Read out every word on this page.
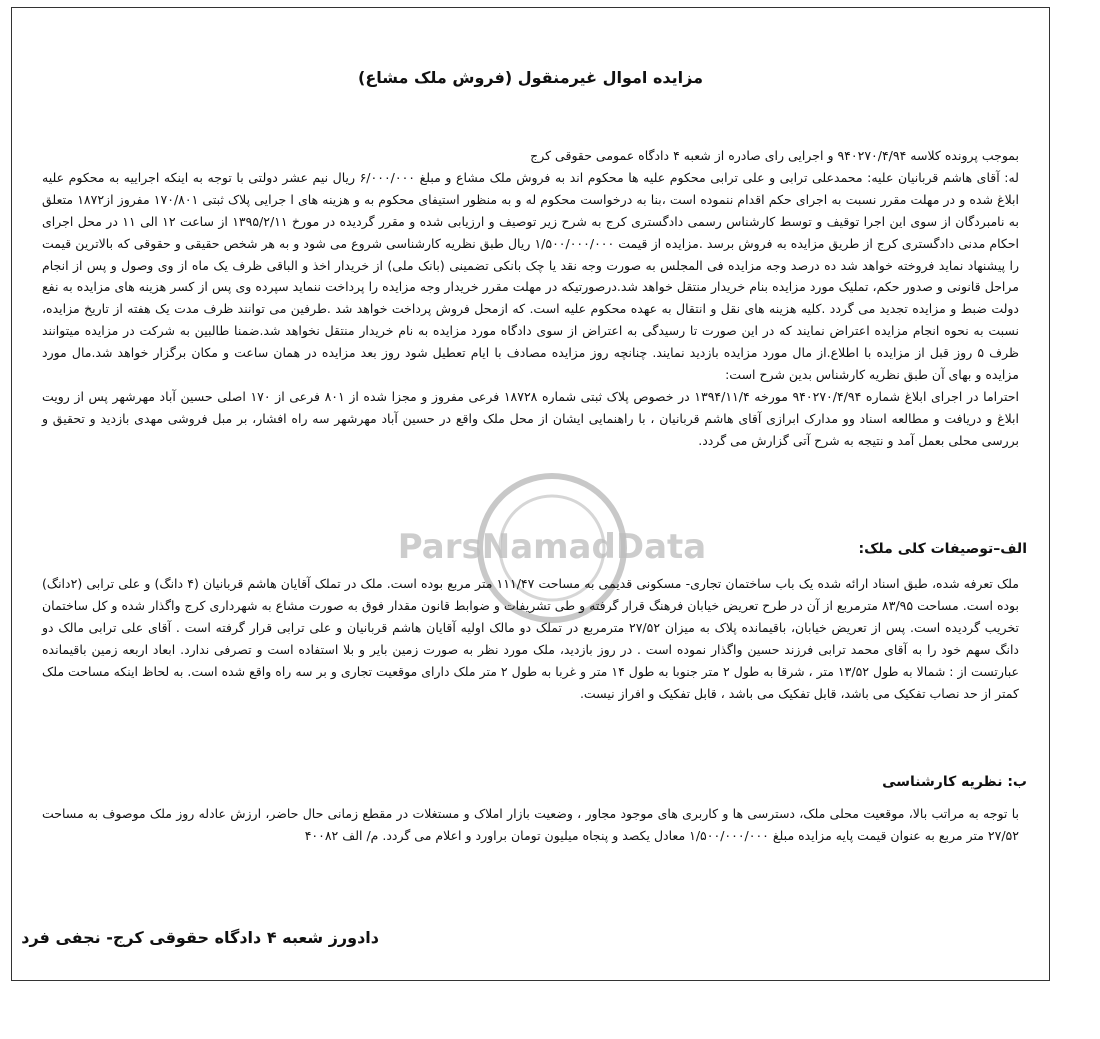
مزایده اموال غیرمنقول (فروش ملک مشاع)
ParsNamadData

بموجب پرونده کلاسه ۹۴۰۲۷۰/۴/۹۴ و اجرایی رای صادره از شعبه ۴ دادگاه عمومی حقوقی کرج

له: آقای هاشم قربانیان علیه: محمدعلی ترابی و علی ترابی محکوم علیه ها محکوم اند به فروش ملک مشاع و مبلغ ۶/۰۰۰/۰۰۰ ریال نیم عشر دولتی با توجه به اینکه اجراییه به محکوم علیه ابلاغ شده و در مهلت مقرر نسبت به اجرای حکم اقدام ننموده است ،بنا به درخواست محکوم له و به منظور استیفای محکوم به و هزینه های ا جرایی پلاک ثبتی ۱۷۰/۸۰۱ مفروز از۱۸۷۲ متعلق به نامبردگان از سوی این اجرا توقیف و توسط کارشناس رسمی دادگستری کرج به شرح زیر توصیف و ارزیابی شده و مقرر گردیده در مورخ ۱۳۹۵/۲/۱۱ از ساعت ۱۲ الی ۱۱ در محل اجرای احکام مدنی دادگستری کرج از طریق مزایده به فروش برسد .مزایده از قیمت ۱/۵۰۰/۰۰۰/۰۰۰ ریال طبق نظریه کارشناسی شروع می شود و به هر شخص حقیقی و حقوقی که بالاترین قیمت را پیشنهاد نماید فروخته خواهد شد ده درصد وجه مزایده فی المجلس به صورت وجه نقد یا چک بانکی تضمینی (بانک ملی) از خریدار اخذ و الباقی ظرف یک ماه از وی وصول و پس از انجام مراحل قانونی و صدور حکم، تملیک مورد مزایده بنام خریدار منتقل خواهد شد.درصورتیکه در مهلت مقرر خریدار وجه مزایده را پرداخت ننماید سپرده وی پس از کسر هزینه های مزایده به نفع دولت ضبط و مزایده تجدید می گردد .کلیه هزینه های نقل و انتقال به عهده محکوم علیه است. که ازمحل فروش پرداخت خواهد شد .طرفین می توانند ظرف مدت یک هفته از تاریخ مزایده، نسبت به نحوه انجام مزایده اعتراض نمایند که در این صورت تا رسیدگی به اعتراض از سوی دادگاه مورد مزایده به نام خریدار منتقل نخواهد شد.ضمنا طالبین به شرکت در مزایده میتوانند ظرف ۵ روز قبل از مزایده با اطلاع.از مال مورد مزایده بازدید نمایند. چنانچه روز مزایده مصادف با ایام تعطیل شود روز بعد مزایده در همان ساعت و مکان برگزار خواهد شد.مال مورد مزایده و بهای آن طبق نظریه کارشناس بدین شرح است:

احتراما در اجرای ابلاغ شماره ۹۴۰۲۷۰/۴/۹۴ مورخه ۱۳۹۴/۱۱/۴ در خصوص پلاک ثبتی شماره ۱۸۷۲۸ فرعی مفروز و مجزا شده از ۸۰۱ فرعی از ۱۷۰ اصلی حسین آباد مهرشهر پس از رویت ابلاغ و دریافت و مطالعه اسناد وو مدارک ابرازی آقای هاشم قربانیان ، با راهنمایی ایشان از محل ملک واقع در حسین آباد مهرشهر سه راه افشار، بر مبل فروشی مهدی بازدید و تحقیق و بررسی محلی بعمل آمد و نتیجه به شرح آتی گزارش می گردد.

الف–توصیفات کلی ملک:
ملک تعرفه شده، طبق اسناد ارائه شده یک باب ساختمان تجاری- مسکونی قدیمی به مساحت ۱۱۱/۴۷ متر مربع بوده است. ملک در تملک آقایان هاشم قربانیان (۴ دانگ) و علی ترابی (۲دانگ) بوده است. مساحت ۸۳/۹۵ مترمربع از آن در طرح تعریض خیابان فرهنگ قرار گرفته و طی تشریفات و ضوابط قانون مقدار فوق به صورت مشاع به شهرداری کرج واگذار شده و کل ساختمان تخریب گردیده است. پس از تعریض خیابان، باقیمانده پلاک به میزان ۲۷/۵۲ مترمربع در تملک دو مالک اولیه آقایان هاشم قربانیان و علی ترابی قرار گرفته است . آقای علی ترابی مالک دو دانگ سهم خود را به آقای محمد ترابی فرزند حسین واگذار نموده است . در روز بازدید، ملک مورد نظر به صورت زمین بایر و بلا استفاده است و تصرفی ندارد. ابعاد اربعه زمین باقیمانده عبارتست از : شمالا به طول ۱۳/۵۲ متر ، شرقا به طول ۲ متر جنوبا به طول ۱۴ متر و غربا به طول ۲ متر ملک دارای موقعیت تجاری و بر سه راه واقع شده است. به لحاظ اینکه مساحت ملک کمتر از حد نصاب تفکیک می باشد، قابل تفکیک می باشد ، قابل تفکیک و افراز نیست.
ب: نظریه کارشناسی
با توجه به مراتب بالا، موقعیت محلی ملک، دسترسی ها و کاربری های موجود مجاور ، وضعیت بازار املاک و مستغلات در مقطع زمانی حال حاضر، ارزش عادله روز ملک موصوف به مساحت ۲۷/۵۲ متر مربع به عنوان قیمت پایه مزایده مبلغ ۱/۵۰۰/۰۰۰/۰۰۰ معادل یکصد و پنجاه میلیون تومان براورد و اعلام می گردد. م/ الف ۴۰۰۸۲
دادورز شعبه ۴ دادگاه حقوقی کرج- نجفی فرد
